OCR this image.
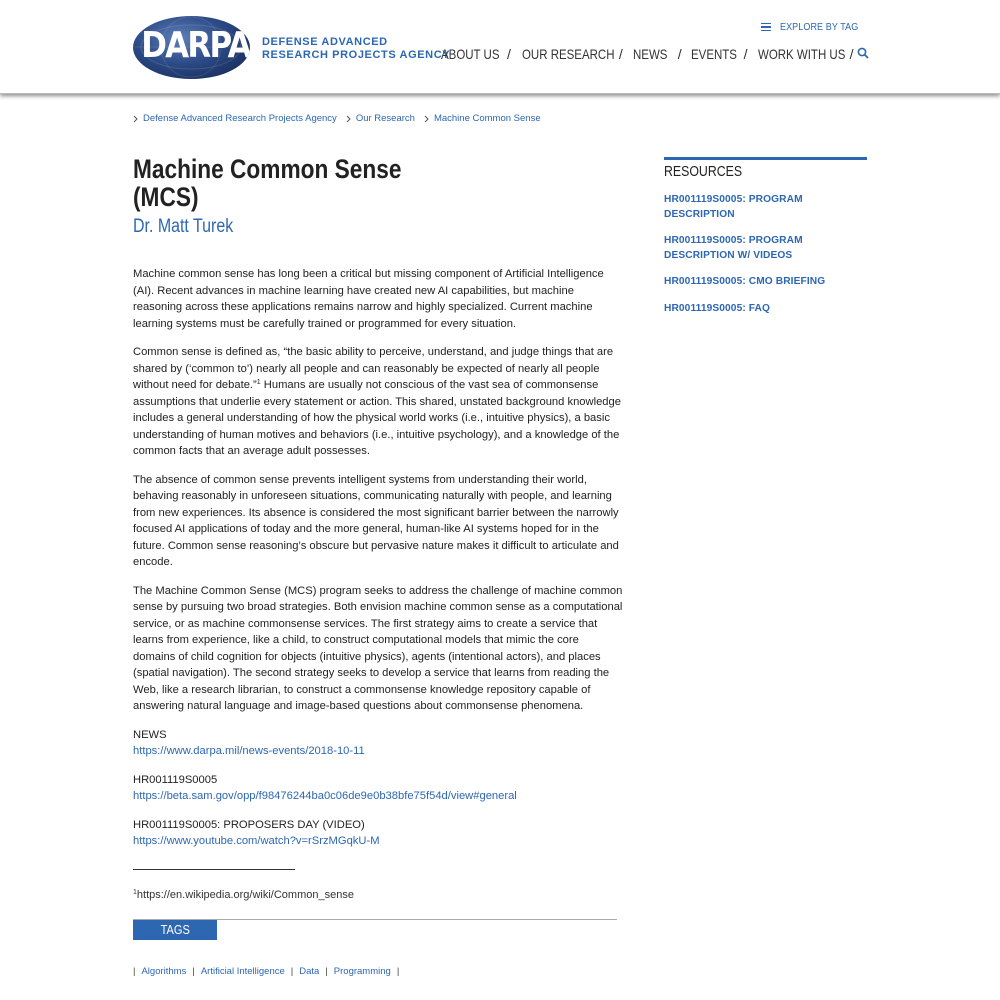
DARPA DEFENSE ADVANCED
RESEARCH PROJECTS AGENCY
EXPLORE BY TAG
ABOUT US / OUR RESEARCH / NEWS / EVENTS / WORK WITH US /
Defense Advanced Research Projects Agency Our Research Machine Common Sense
Machine Common Sense
(MCS)
Dr. Matt Turek

Machine common sense has long been a critical but missing component of Artificial Intelligence (AI). Recent advances in machine learning have created new AI capabilities, but machine reasoning across these applications remains narrow and highly specialized. Current machine learning systems must be carefully trained or programmed for every situation.

Common sense is defined as, “the basic ability to perceive, understand, and judge things that are shared by (‘common to’) nearly all people and can reasonably be expected of nearly all people without need for debate.”$^1$ Humans are usually not conscious of the vast sea of commonsense assumptions that underlie every statement or action. This shared, unstated background knowledge includes a general understanding of how the physical world works (i.e., intuitive physics), a basic understanding of human motives and behaviors (i.e., intuitive psychology), and a knowledge of the common facts that an average adult possesses.

The absence of common sense prevents intelligent systems from understanding their world, behaving reasonably in unforeseen situations, communicating naturally with people, and learning from new experiences. Its absence is considered the most significant barrier between the narrowly focused AI applications of today and the more general, human-like AI systems hoped for in the future. Common sense reasoning’s obscure but pervasive nature makes it difficult to articulate and encode.

The Machine Common Sense (MCS) program seeks to address the challenge of machine common sense by pursuing two broad strategies. Both envision machine common sense as a computational service, or as machine commonsense services. The first strategy aims to create a service that learns from experience, like a child, to construct computational models that mimic the core domains of child cognition for objects (intuitive physics), agents (intentional actors), and places (spatial navigation). The second strategy seeks to develop a service that learns from reading the Web, like a research librarian, to construct a commonsense knowledge repository capable of answering natural language and image-based questions about commonsense phenomena.

NEWS
https://www.darpa.mil/news-events/2018-10-11
HR001119S0005
https://beta.sam.gov/opp/f98476244ba0c06de9e0b38bfe75f54d/view#general
HR001119S0005: PROPOSERS DAY (VIDEO)
https://www.youtube.com/watch?v=rSrzMGqkU-M
$^1$https://en.wikipedia.org/wiki/Common_sense
TAGS
| Algorithms | Artificial Intelligence | Data | Programming |
RESOURCES
HR001119S0005: PROGRAM DESCRIPTION
HR001119S0005: PROGRAM DESCRIPTION W/ VIDEOS
HR001119S0005: CMO BRIEFING
HR001119S0005: FAQ
